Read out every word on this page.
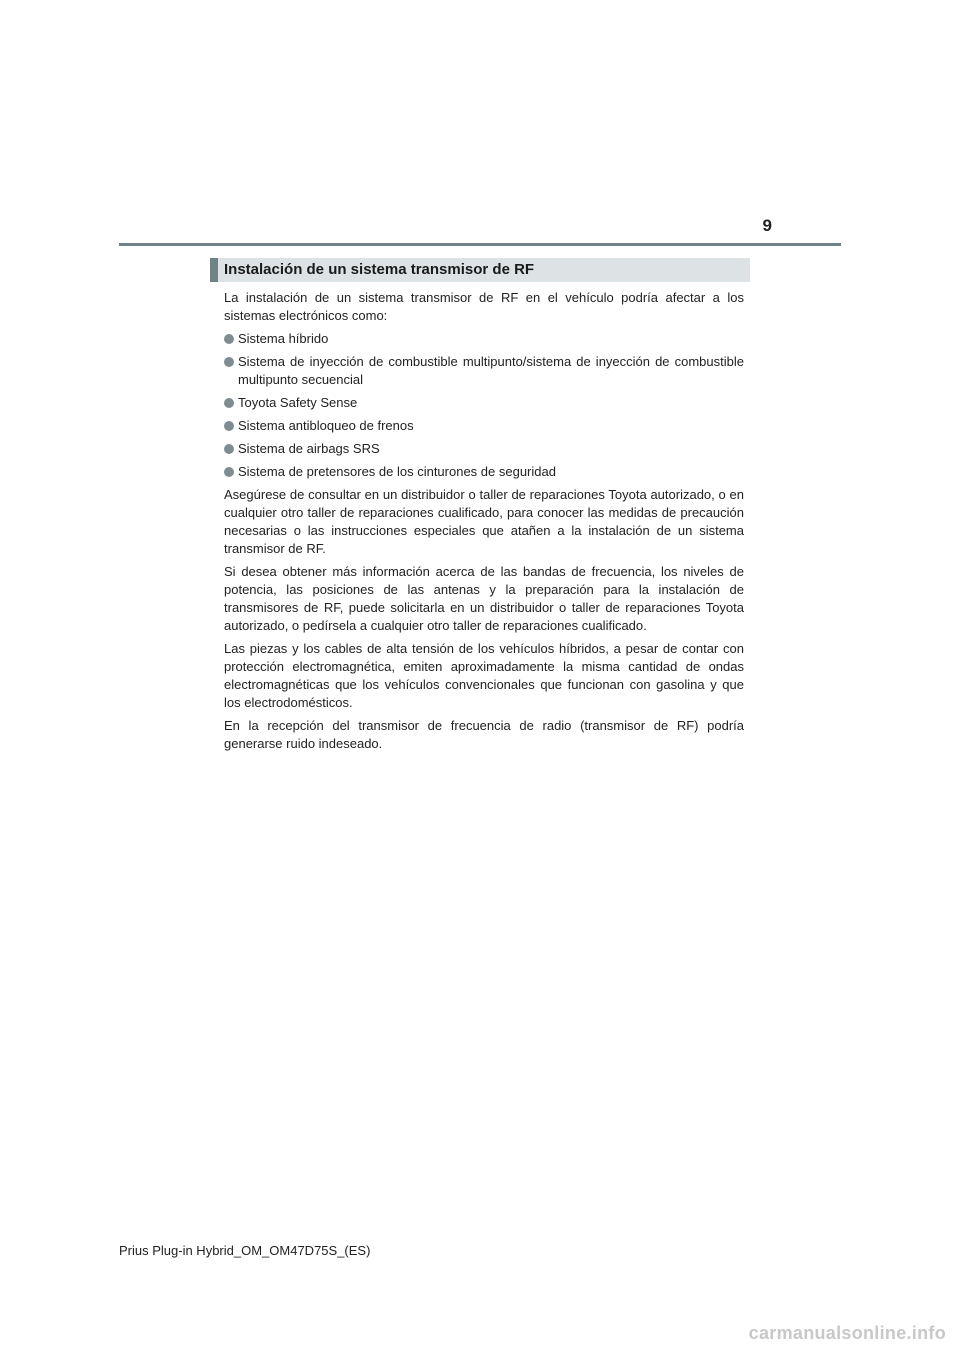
9
Instalación de un sistema transmisor de RF

La instalación de un sistema transmisor de RF en el vehículo podría afectar a los sistemas electrónicos como:

Sistema híbrido
Sistema de inyección de combustible multipunto/sistema de inyección de combustible multipunto secuencial
Toyota Safety Sense
Sistema antibloqueo de frenos
Sistema de airbags SRS
Sistema de pretensores de los cinturones de seguridad

Asegúrese de consultar en un distribuidor o taller de reparaciones Toyota autorizado, o en cualquier otro taller de reparaciones cualificado, para conocer las medidas de precaución necesarias o las instrucciones especiales que atañen a la instalación de un sistema transmisor de RF.

Si desea obtener más información acerca de las bandas de frecuencia, los niveles de potencia, las posiciones de las antenas y la preparación para la instalación de transmisores de RF, puede solicitarla en un distribuidor o taller de reparaciones Toyota autorizado, o pedírsela a cualquier otro taller de reparaciones cualificado.

Las piezas y los cables de alta tensión de los vehículos híbridos, a pesar de contar con protección electromagnética, emiten aproximadamente la misma cantidad de ondas electromagnéticas que los vehículos convencionales que funcionan con gasolina y que los electrodomésticos.

En la recepción del transmisor de frecuencia de radio (transmisor de RF) podría generarse ruido indeseado.

Prius Plug-in Hybrid_OM_OM47D75S_(ES)
carmanualsonline.info
